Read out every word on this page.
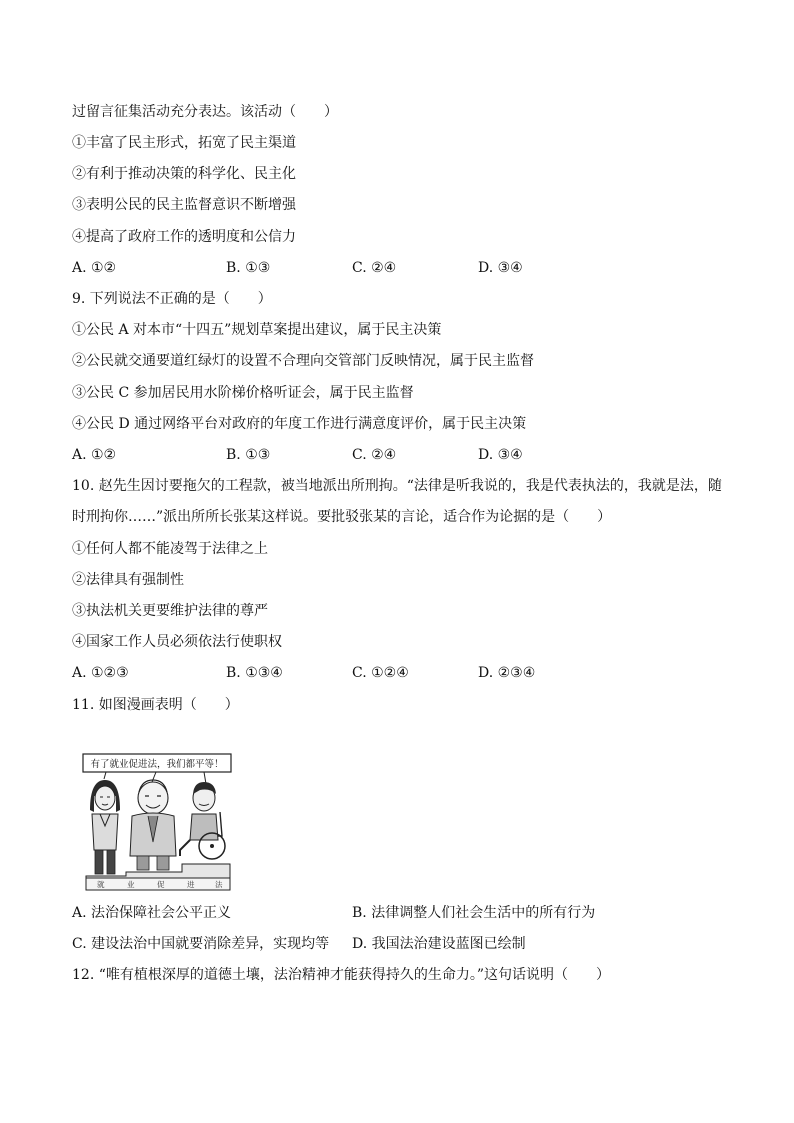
过留言征集活动充分表达。该活动（　　）
①丰富了民主形式，拓宽了民主渠道
②有利于推动决策的科学化、民主化
③表明公民的民主监督意识不断增强
④提高了政府工作的透明度和公信力
A. ①②	B. ①③	C. ②④	D. ③④
9. 下列说法不正确的是（　　）
①公民 A 对本市“十四五”规划草案提出建议，属于民主决策
②公民就交通要道红绿灯的设置不合理向交管部门反映情况，属于民主监督
③公民 C 参加居民用水阶梯价格听证会，属于民主监督
④公民 D 通过网络平台对政府的年度工作进行满意度评价，属于民主决策
A. ①②	B. ①③	C. ②④	D. ③④
10. 赵先生因讨要拖欠的工程款，被当地派出所刑拘。“法律是听我说的，我是代表执法的，我就是法，随
时刑拘你……”派出所所长张某这样说。要批驳张某的言论，适合作为论据的是（　　）
①任何人都不能凌驾于法律之上
②法律具有强制性
③执法机关更要维护法律的尊严
④国家工作人员必须依法行使职权
A. ①②③	B. ①③④	C. ①②④	D. ②③④
11. 如图漫画表明（　　）
有了就业促进法，我们都平等！
就	业	促	进	法
A. 法治保障社会公平正义	B. 法律调整人们社会生活中的所有行为
C. 建设法治中国就要消除差异，实现均等 D. 我国法治建设蓝图已绘制
12. “唯有植根深厚的道德土壤，法治精神才能获得持久的生命力。”这句话说明（　　）
